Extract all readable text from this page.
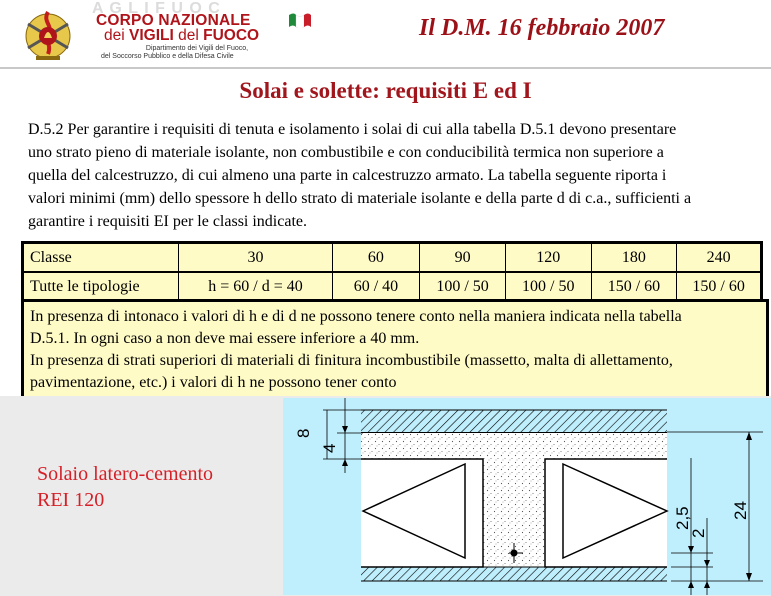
A G L I F U O C
CORPO NAZIONALE
dei VIGILI del FUOCO
Dipartimento dei Vigili del Fuoco,
del Soccorso Pubblico e della Difesa Civile
Il D.M. 16 febbraio 2007
Solai e solette: requisiti E ed I
D.5.2 Per garantire i requisiti di tenuta e isolamento i solai di cui alla tabella D.5.1 devono presentare
uno strato pieno di materiale isolante, non combustibile e con conducibilità termica non superiore a
quella del calcestruzzo, di cui almeno una parte in calcestruzzo armato. La tabella seguente riporta i
valori minimi (mm) dello spessore h dello strato di materiale isolante e della parte d di c.a., sufficienti a
garantire i requisiti EI per le classi indicate.
Classe	30	60	90	120	180	240
Tutte le tipologie	h = 60 / d = 40	60 / 40	100 / 50	100 / 50	150 / 60	150 / 60
In presenza di intonaco i valori di h e di d ne possono tenere conto nella maniera indicata nella tabella
D.5.1. In ogni caso a non deve mai essere inferiore a 40 mm.
In presenza di strati superiori di materiali di finitura incombustibile (massetto, malta di allettamento,
pavimentazione, etc.) i valori di h ne possono tener conto
Solaio latero-cemento
REI 120
8
4
2,5
2
24
